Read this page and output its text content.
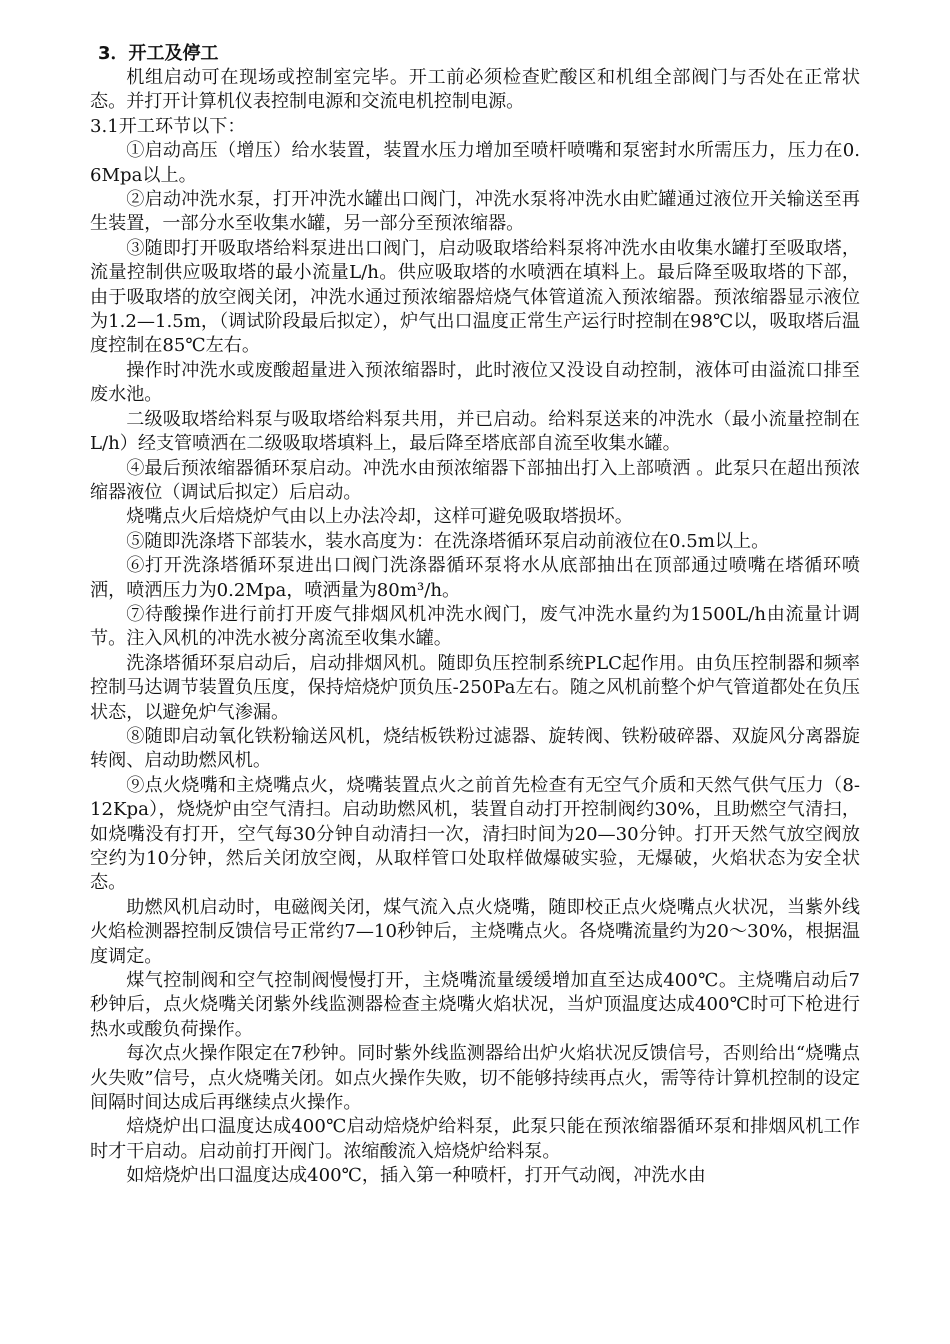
3．开工及停工

机组启动可在现场或控制室完毕。开工前必须检查贮酸区和机组全部阀门与否处在正常状态。并打开计算机仪表控制电源和交流电机控制电源。

3.1开工环节以下：

①启动高压（增压）给水装置，装置水压力增加至喷杆喷嘴和泵密封水所需压力，压力在0.6Mpa以上。

②启动冲洗水泵，打开冲洗水罐出口阀门，冲洗水泵将冲洗水由贮罐通过液位开关输送至再生装置，一部分水至收集水罐，另一部分至预浓缩器。

③随即打开吸取塔给料泵进出口阀门，启动吸取塔给料泵将冲洗水由收集水罐打至吸取塔，流量控制供应吸取塔的最小流量L/h。供应吸取塔的水喷洒在填料上。最后降至吸取塔的下部，由于吸取塔的放空阀关闭，冲洗水通过预浓缩器焙烧气体管道流入预浓缩器。预浓缩器显示液位为1.2—1.5m，（调试阶段最后拟定），炉气出口温度正常生产运行时控制在98℃以，吸取塔后温度控制在85℃左右。

操作时冲洗水或废酸超量进入预浓缩器时，此时液位又没设自动控制，液体可由溢流口排至废水池。

二级吸取塔给料泵与吸取塔给料泵共用，并已启动。给料泵送来的冲洗水（最小流量控制在L/h）经支管喷洒在二级吸取塔填料上，最后降至塔底部自流至收集水罐。

④最后预浓缩器循环泵启动。冲洗水由预浓缩器下部抽出打入上部喷洒 。此泵只在超出预浓缩器液位（调试后拟定）后启动。

烧嘴点火后焙烧炉气由以上办法冷却，这样可避免吸取塔损坏。

⑤随即洗涤塔下部装水，装水高度为：在洗涤塔循环泵启动前液位在0.5m以上。

⑥打开洗涤塔循环泵进出口阀门洗涤器循环泵将水从底部抽出在顶部通过喷嘴在塔循环喷洒，喷洒压力为0.2Mpa，喷洒量为80m³/h。

⑦待酸操作进行前打开废气排烟风机冲洗水阀门，废气冲洗水量约为1500L/h由流量计调节。注入风机的冲洗水被分离流至收集水罐。

洗涤塔循环泵启动后，启动排烟风机。随即负压控制系统PLC起作用。由负压控制器和频率控制马达调节装置负压度，保持焙烧炉顶负压-250Pa左右。随之风机前整个炉气管道都处在负压状态，以避免炉气渗漏。

⑧随即启动氧化铁粉输送风机，烧结板铁粉过滤器、旋转阀、铁粉破碎器、双旋风分离器旋转阀、启动助燃风机。

⑨点火烧嘴和主烧嘴点火，烧嘴装置点火之前首先检查有无空气介质和天然气供气压力（8-12Kpa），烧烧炉由空气清扫。启动助燃风机，装置自动打开控制阀约30%，且助燃空气清扫，如烧嘴没有打开，空气每30分钟自动清扫一次，清扫时间为20—30分钟。打开天然气放空阀放空约为10分钟，然后关闭放空阀，从取样管口处取样做爆破实验，无爆破，火焰状态为安全状态。

助燃风机启动时，电磁阀关闭，煤气流入点火烧嘴，随即校正点火烧嘴点火状况，当紫外线火焰检测器控制反馈信号正常约7—10秒钟后，主烧嘴点火。各烧嘴流量约为20～30%，根据温度调定。

煤气控制阀和空气控制阀慢慢打开，主烧嘴流量缓缓增加直至达成400℃。主烧嘴启动后7秒钟后，点火烧嘴关闭紫外线监测器检查主烧嘴火焰状况，当炉顶温度达成400℃时可下枪进行热水或酸负荷操作。

每次点火操作限定在7秒钟。同时紫外线监测器给出炉火焰状况反馈信号，否则给出“烧嘴点火失败”信号，点火烧嘴关闭。如点火操作失败，切不能够持续再点火，需等待计算机控制的设定间隔时间达成后再继续点火操作。

焙烧炉出口温度达成400℃启动焙烧炉给料泵，此泵只能在预浓缩器循环泵和排烟风机工作时才干启动。启动前打开阀门。浓缩酸流入焙烧炉给料泵。

如焙烧炉出口温度达成400℃，插入第一种喷杆，打开气动阀，冲洗水由
